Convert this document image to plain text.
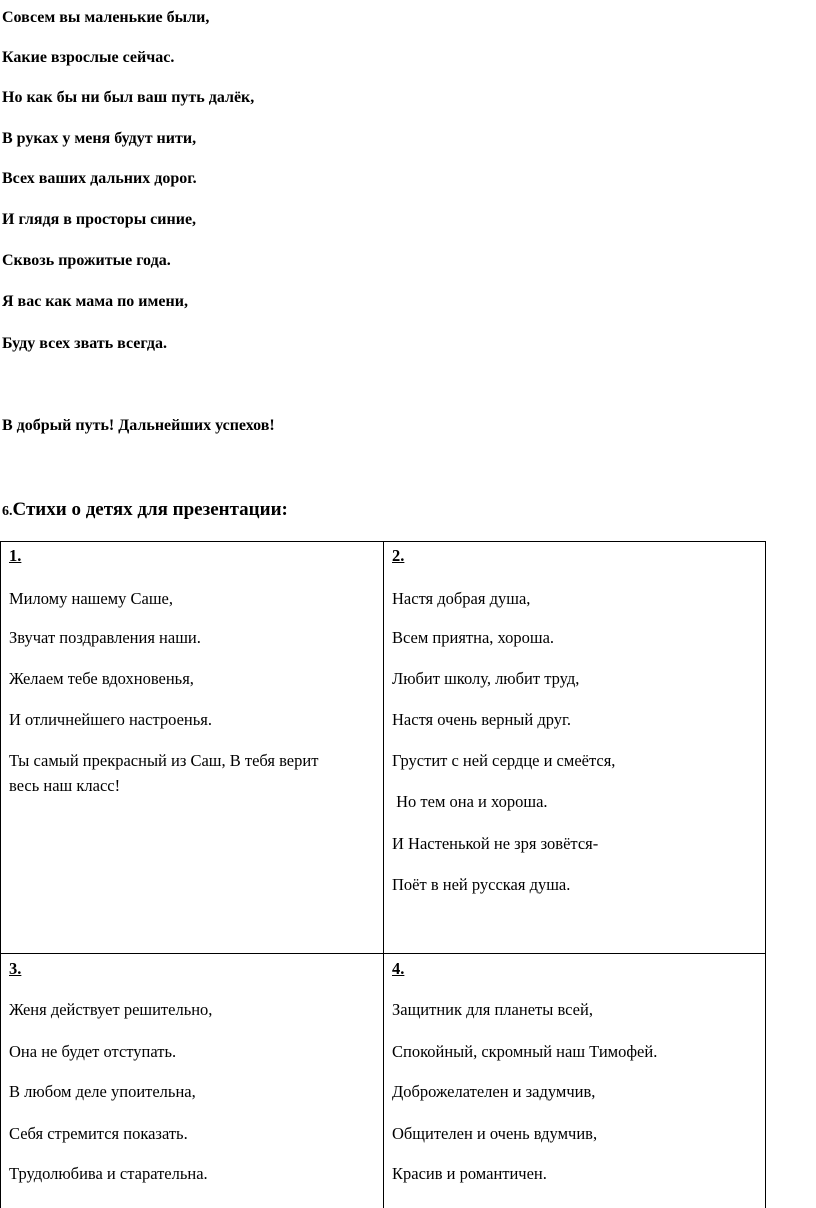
Совсем вы маленькие были,
Какие взрослые сейчас.
Но как бы ни был ваш путь далёк,
В руках у меня будут нити,
Всех ваших дальних дорог.
И глядя в просторы синие,
Сквозь прожитые года.
Я вас как мама по имени,
Буду всех звать всегда.
В добрый путь! Дальнейших успехов!
6.Стихи о детях для презентации:
1.
Милому нашему Саше,
Звучат поздравления наши.
Желаем тебе вдохновенья,
И отличнейшего настроенья.
Ты самый прекрасный из Саш, В тебя верит
весь наш класс!
2.
Настя добрая душа,
Всем приятна, хороша.
Любит школу, любит труд,
Настя очень верный друг.
Грустит с ней сердце и смеётся,
Но тем она и хороша.
И Настенькой не зря зовётся-
Поёт в ней русская душа.
3.
Женя действует решительно,
Она не будет отступать.
В любом деле упоительна,
Себя стремится показать.
Трудолюбива и старательна.
4.
Защитник для планеты всей,
Спокойный, скромный наш Тимофей.
Доброжелателен и задумчив,
Общителен и очень вдумчив,
Красив и романтичен.
